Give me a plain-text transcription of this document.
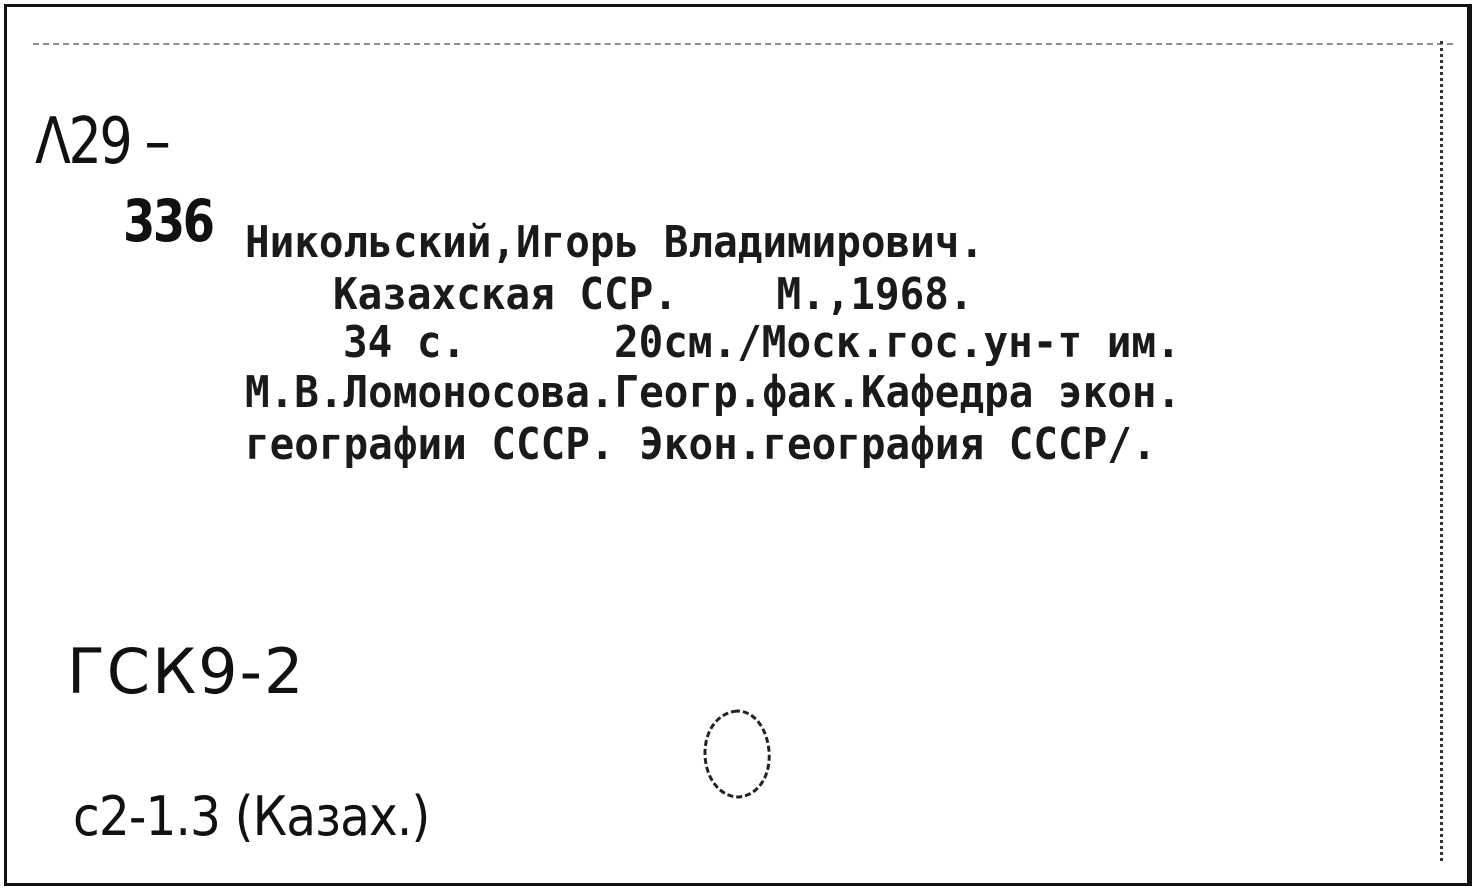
Λ29 –
336 Никольский,Игорь Владимирович.
Казахская ССР.    М.,1968.
34 с.      20см./Моск.гос.ун-т им.
М.В.Ломоносова.Геогр.фак.Кафедра экон.
географии СССР. Экон.география СССР/.
ГСК9-2
с2-1.3 (Казах.)
